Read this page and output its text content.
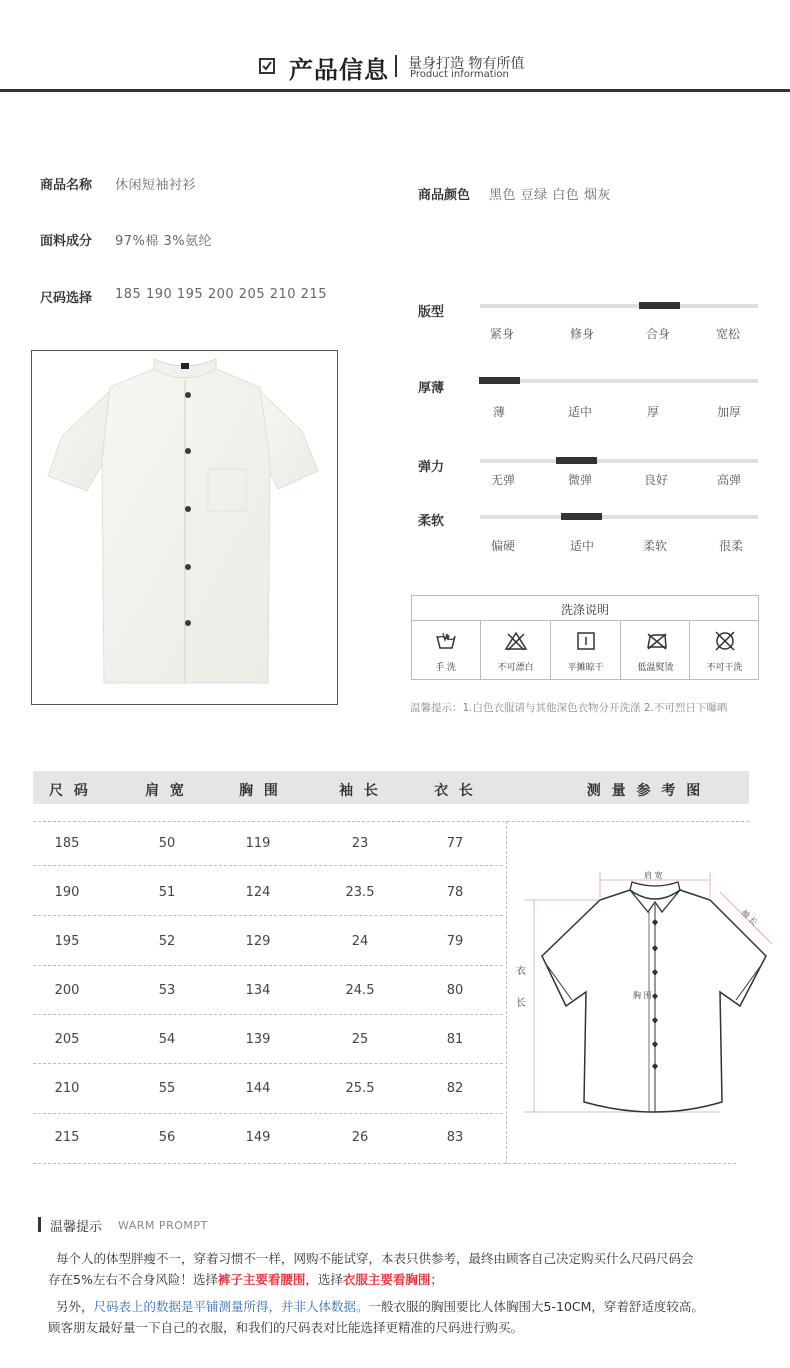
产品信息 量身打造 物有所值
Product information
商品名称 休闲短袖衬衫
面料成分 97%棉 3%氨纶
尺码选择 185 190 195 200 205 210 215
商品颜色 黑色 豆绿 白色 烟灰
版型
紧身	修身	合身	宽松
厚薄
薄	适中	厚	加厚
弹力
无弹	微弹	良好	高弹
柔软
偏硬	适中	柔软	很柔
洗涤说明
手 洗	不可漂白	平摊晾干	低温熨烫	不可干洗
温馨提示：1.白色衣服请与其他深色衣物分开洗涤 2.不可烈日下曝晒
尺 码	肩 宽	胸 围	袖 长	衣 长	测 量 参 考 图
185	50	119	23	77
190	51	124	23.5	78
195	52	129	24	79
200	53	134	24.5	80
205	54	139	25	81
210	55	144	25.5	82
215	56	149	26	83
肩 宽
袖 长
衣
长
胸 围
温馨提示 WARM PROMPT
每个人的体型胖瘦不一，穿着习惯不一样，网购不能试穿，本表只供参考，最终由顾客自己决定购买什么尺码尺码会
存在5%左右不合身风险！选择裤子主要看腰围，选择衣服主要看胸围；
另外，尺码表上的数据是平铺测量所得，并非人体数据。一般衣服的胸围要比人体胸围大5-10CM，穿着舒适度较高。
顾客朋友最好量一下自己的衣服，和我们的尺码表对比能选择更精准的尺码进行购买。
